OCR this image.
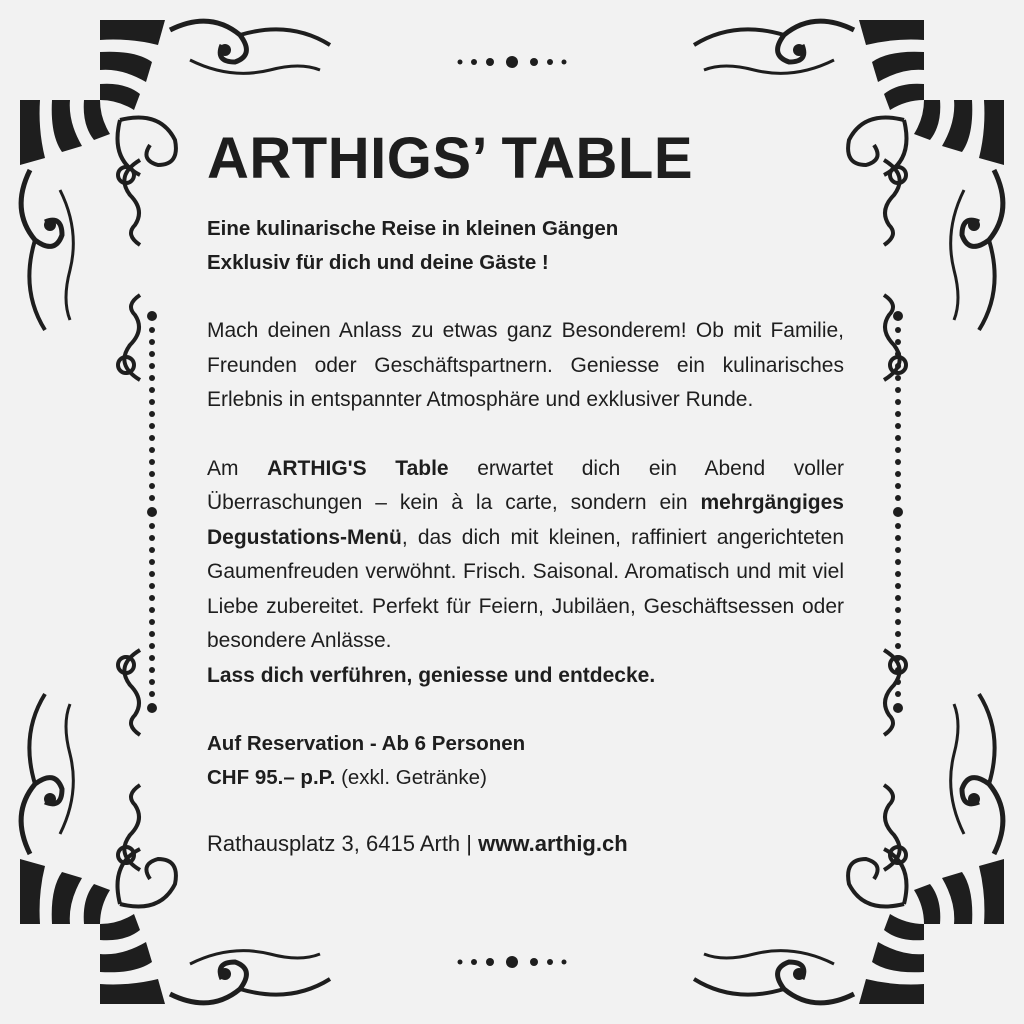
ARTHIGS’ TABLE
Eine kulinarische Reise in kleinen Gängen
Exklusiv für dich und deine Gäste !

Mach deinen Anlass zu etwas ganz Besonderem! Ob mit Familie, Freunden oder Geschäftspartnern. Geniesse ein kulinarisches Erlebnis in entspannter Atmosphäre und exklusiver Runde.

Am ARTHIG'S Table erwartet dich ein Abend voller Überraschungen – kein à la carte, sondern ein mehrgängiges Degustations-Menü, das dich mit kleinen, raffiniert angerichteten Gaumenfreuden verwöhnt. Frisch. Saisonal. Aromatisch und mit viel Liebe zubereitet. Perfekt für Feiern, Jubiläen, Geschäftsessen oder besondere Anlässe.
Lass dich verführen, geniesse und entdecke.
Auf Reservation - Ab 6 Personen
CHF 95.– p.P. (exkl. Getränke)
Rathausplatz 3, 6415 Arth | www.arthig.ch
